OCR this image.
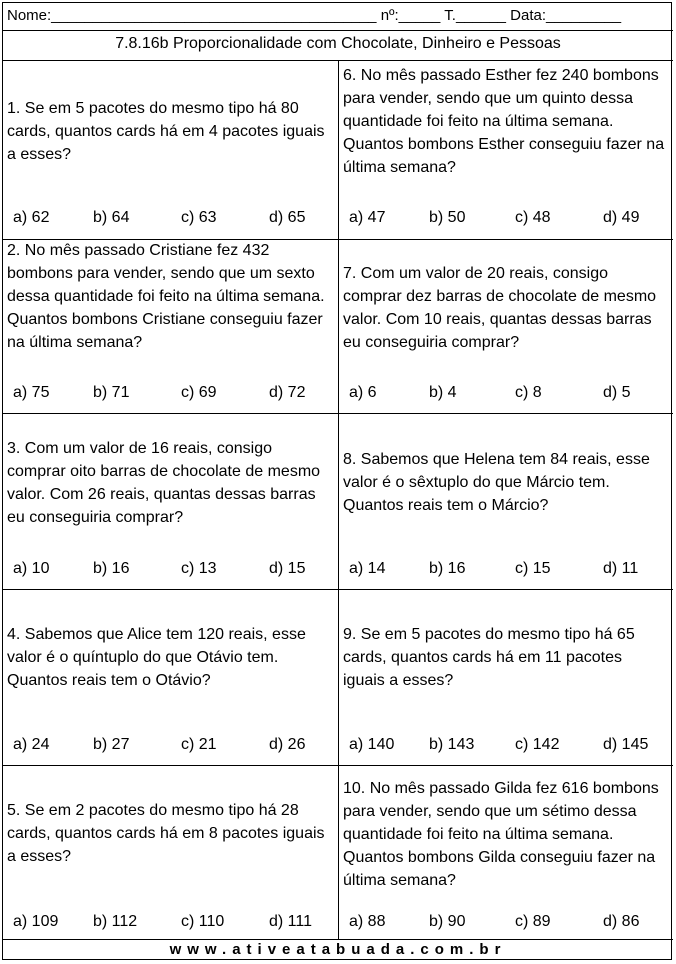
Nome:_______________________________________ nº:_____ T.______ Data:_________
7.8.16b Proporcionalidade com Chocolate, Dinheiro e Pessoas
1. Se em 5 pacotes do mesmo tipo há 80 cards, quantos cards há em 4 pacotes iguais a esses?
a) 62	b) 64	c) 63	d) 65
2. No mês passado Cristiane fez 432 bombons para vender, sendo que um sexto dessa quantidade foi feito na última semana. Quantos bombons Cristiane conseguiu fazer na última semana?
a) 75	b) 71	c) 69	d) 72
3. Com um valor de 16 reais, consigo comprar oito barras de chocolate de mesmo valor. Com 26 reais, quantas dessas barras eu conseguiria comprar?
a) 10	b) 16	c) 13	d) 15
4. Sabemos que Alice tem 120 reais, esse valor é o quíntuplo do que Otávio tem. Quantos reais tem o Otávio?
a) 24	b) 27	c) 21	d) 26
5. Se em 2 pacotes do mesmo tipo há 28 cards, quantos cards há em 8 pacotes iguais a esses?
a) 109 b) 112	c) 110	d) 111
6. No mês passado Esther fez 240 bombons para vender, sendo que um quinto dessa quantidade foi feito na última semana. Quantos bombons Esther conseguiu fazer na última semana?
a) 47	b) 50	c) 48	d) 49
7. Com um valor de 20 reais, consigo comprar dez barras de chocolate de mesmo valor. Com 10 reais, quantas dessas barras eu conseguiria comprar?
a) 6	b) 4	c) 8	d) 5
8. Sabemos que Helena tem 84 reais, esse valor é o sêxtuplo do que Márcio tem. Quantos reais tem o Márcio?
a) 14	b) 16	c) 15	d) 11
9. Se em 5 pacotes do mesmo tipo há 65 cards, quantos cards há em 11 pacotes iguais a esses?
a) 140 b) 143	c) 142	d) 145
10. No mês passado Gilda fez 616 bombons para vender, sendo que um sétimo dessa quantidade foi feito na última semana. Quantos bombons Gilda conseguiu fazer na última semana?
a) 88	b) 90	c) 89	d) 86
www.ativeatabuada.com.br
